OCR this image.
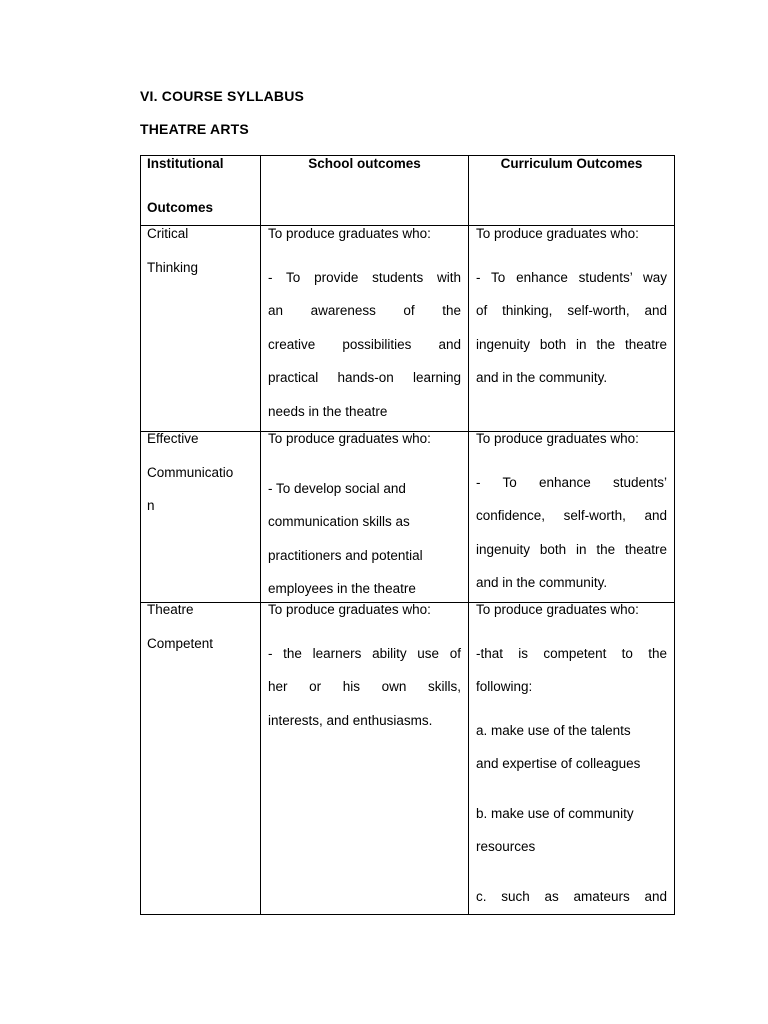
VI. COURSE SYLLABUS
THEATRE ARTS

Institutional

Outcomes

School outcomes	Curriculum Outcomes

Critical

Thinking

To produce graduates who:

- To provide students with

an awareness of the

creative possibilities and

practical hands-on learning

needs in the theatre

To produce graduates who:

- To enhance students’ way

of thinking, self-worth, and

ingenuity both in the theatre

and in the community.

Effective

Communicatio

n

To produce graduates who:

- To develop social and

communication skills as

practitioners and potential

employees in the theatre

To produce graduates who:

- To enhance students’

confidence, self-worth, and

ingenuity both in the theatre

and in the community.

Theatre

Competent

To produce graduates who:

- the learners ability use of

her or his own skills,

interests, and enthusiasms.

To produce graduates who:

-that is competent to the

following:

a. make use of the talents

and expertise of colleagues

b. make use of community

resources

c. such as amateurs and
